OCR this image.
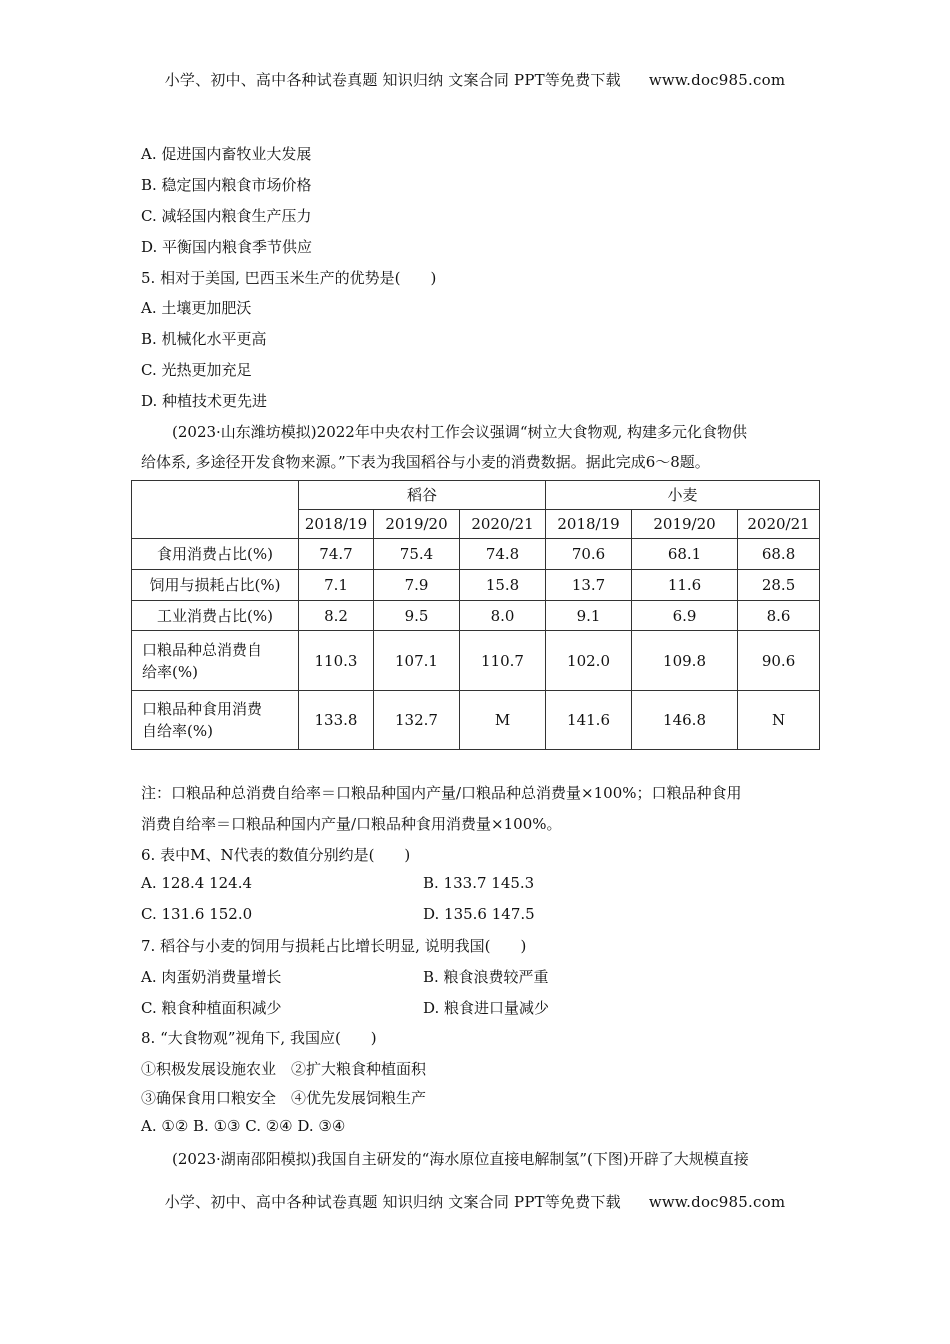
小学、初中、高中各种试卷真题 知识归纳 文案合同 PPT等免费下载 www.doc985.com
A. 促进国内畜牧业大发展
B. 稳定国内粮食市场价格
C. 减轻国内粮食生产压力
D. 平衡国内粮食季节供应
5. 相对于美国, 巴西玉米生产的优势是(　　)
A. 土壤更加肥沃
B. 机械化水平更高
C. 光热更加充足
D. 种植技术更先进
(2023·山东潍坊模拟)2022年中央农村工作会议强调“树立大食物观, 构建多元化食物供
给体系, 多途径开发食物来源。”下表为我国稻谷与小麦的消费数据。据此完成6～8题。
	稻谷			小麦		
	2018/19	2019/20	2020/21	2018/19	2019/20	2020/21
食用消费占比(%)	74.7	75.4	74.8	70.6	68.1	68.8
饲用与损耗占比(%)	7.1	7.9	15.8	13.7	11.6	28.5
工业消费占比(%)	8.2	9.5	8.0	9.1	6.9	8.6
口粮品种总消费自
给率(%)	110.3	107.1	110.7	102.0	109.8	90.6
口粮品种食用消费
自给率(%)	133.8	132.7	M	141.6	146.8	N
注：口粮品种总消费自给率＝口粮品种国内产量/口粮品种总消费量×100%；口粮品种食用
消费自给率＝口粮品种国内产量/口粮品种食用消费量×100%。
6. 表中M、N代表的数值分别约是(　　)
A. 128.4 124.4	B. 133.7 145.3
C. 131.6 152.0	D. 135.6 147.5
7. 稻谷与小麦的饲用与损耗占比增长明显, 说明我国(　　)
A. 肉蛋奶消费量增长	B. 粮食浪费较严重
C. 粮食种植面积减少	D. 粮食进口量减少
8. “大食物观”视角下, 我国应(　　)
①积极发展设施农业　②扩大粮食种植面积
③确保食用口粮安全　④优先发展饲粮生产
A. ①② B. ①③ C. ②④ D. ③④
(2023·湖南邵阳模拟)我国自主研发的“海水原位直接电解制氢”(下图)开辟了大规模直接
小学、初中、高中各种试卷真题 知识归纳 文案合同 PPT等免费下载 www.doc985.com
